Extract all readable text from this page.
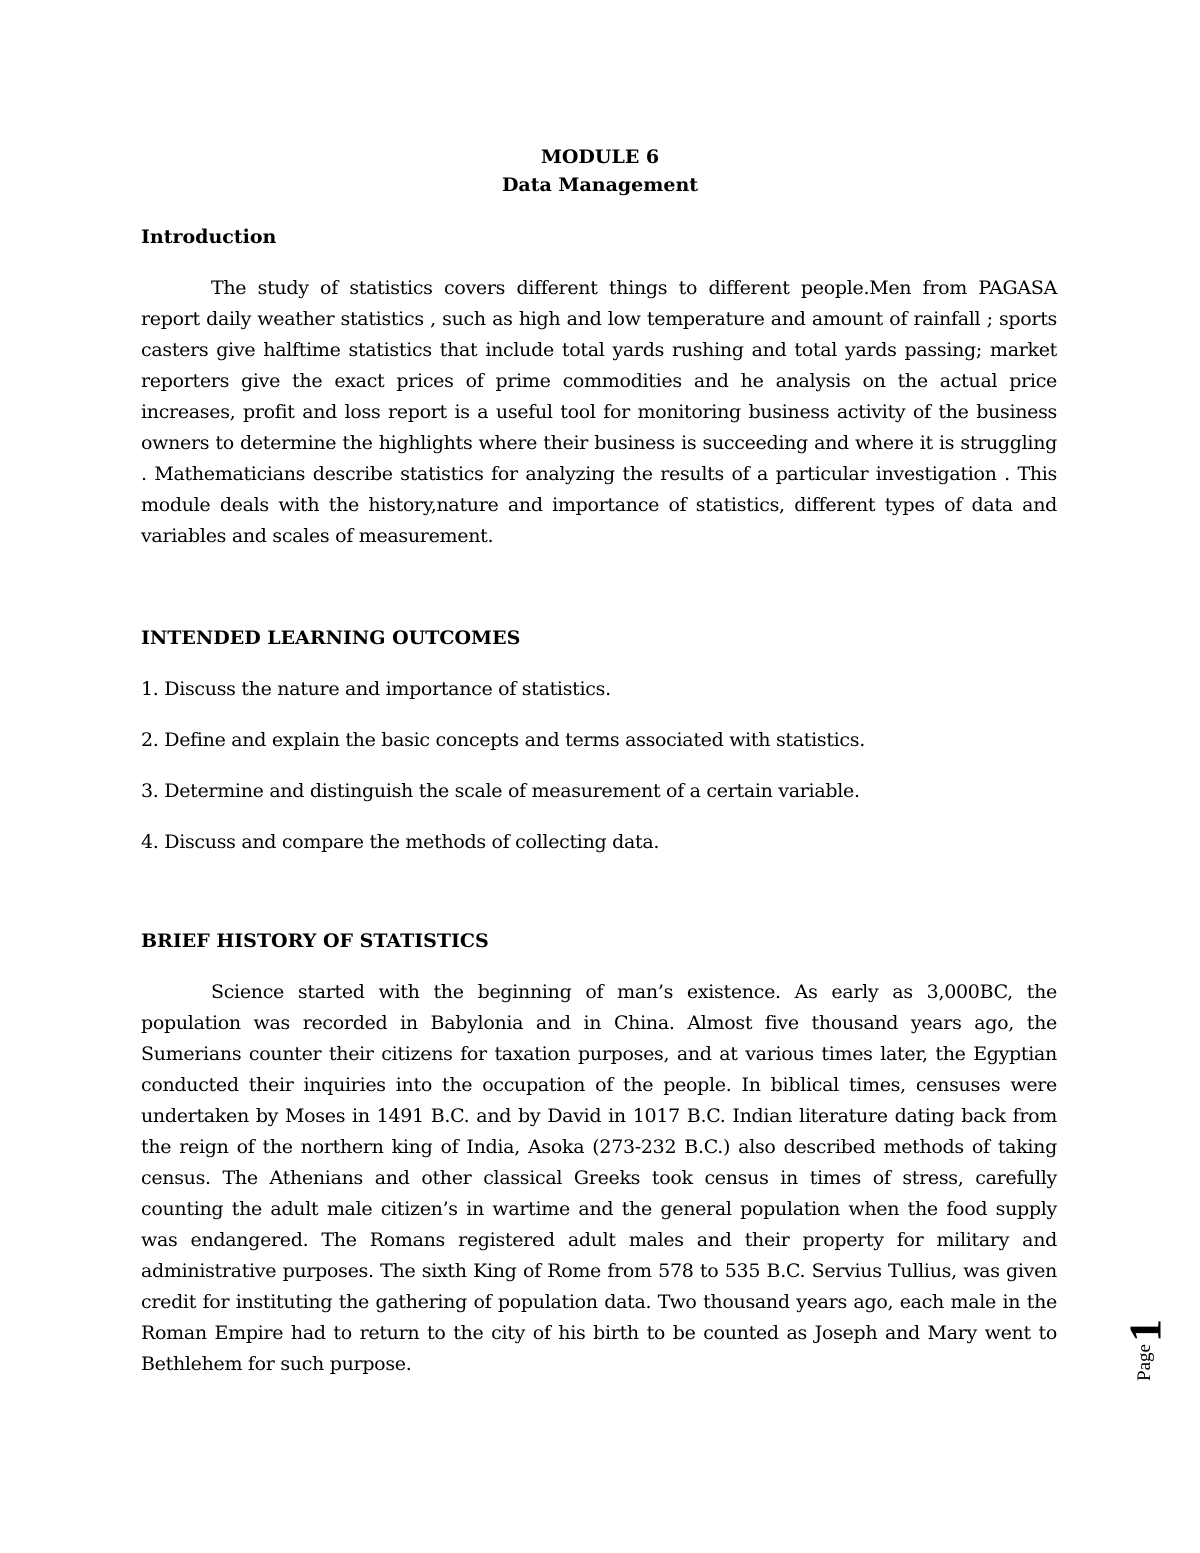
MODULE 6
Data Management
Introduction
The study of statistics covers different things to different people.Men from PAGASA report daily weather statistics , such as high and low temperature and amount of rainfall ; sports casters give halftime statistics that include total yards rushing and total yards passing; market reporters give the exact prices of prime commodities and he analysis on the actual price increases, profit and loss report is a useful tool for monitoring business activity of the business owners to determine the highlights where their business is succeeding and where it is struggling . Mathematicians describe statistics for analyzing the results of a particular investigation . This module deals with the history,nature and importance of statistics, different types of data and variables and scales of measurement.
INTENDED LEARNING OUTCOMES
1. Discuss the nature and importance of statistics.
2. Define and explain the basic concepts and terms associated with statistics.
3. Determine and distinguish the scale of measurement of a certain variable.
4. Discuss and compare the methods of collecting data.
BRIEF HISTORY OF STATISTICS
Science started with the beginning of man’s existence. As early as 3,000BC, the population was recorded in Babylonia and in China. Almost five thousand years ago, the Sumerians counter their citizens for taxation purposes, and at various times later, the Egyptian conducted their inquiries into the occupation of the people. In biblical times, censuses were undertaken by Moses in 1491 B.C. and by David in 1017 B.C. Indian literature dating back from the reign of the northern king of India, Asoka (273-232 B.C.) also described methods of taking census. The Athenians and other classical Greeks took census in times of stress, carefully counting the adult male citizen’s in wartime and the general population when the food supply was endangered. The Romans registered adult males and their property for military and administrative purposes. The sixth King of Rome from 578 to 535 B.C. Servius Tullius, was given credit for instituting the gathering of population data. Two thousand years ago, each male in the Roman Empire had to return to the city of his birth to be counted as Joseph and Mary went to Bethlehem for such purpose.	Page1
